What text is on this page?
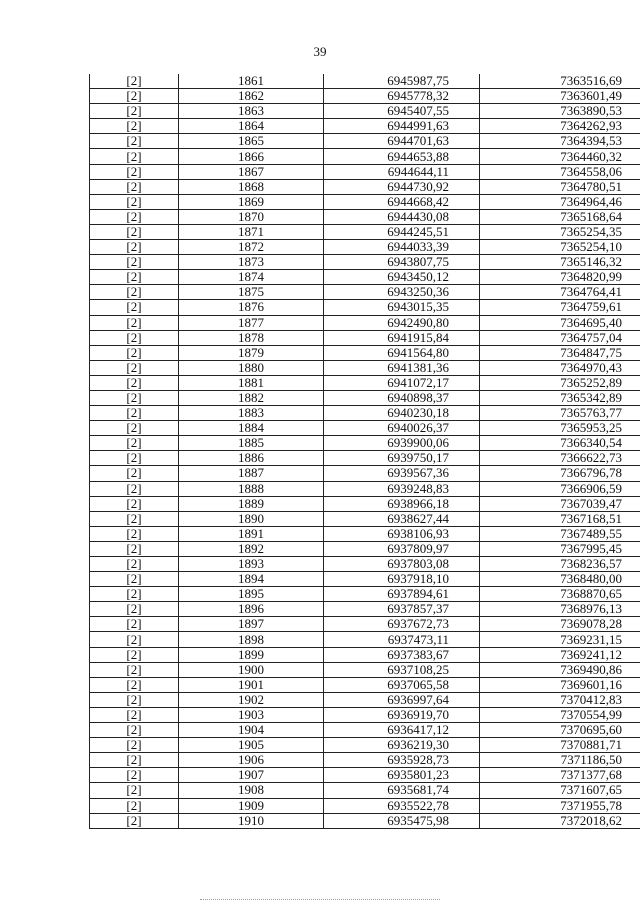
39
[2]	1861	6945987,75	7363516,69
[2]	1862	6945778,32	7363601,49
[2]	1863	6945407,55	7363890,53
[2]	1864	6944991,63	7364262,93
[2]	1865	6944701,63	7364394,53
[2]	1866	6944653,88	7364460,32
[2]	1867	6944644,11	7364558,06
[2]	1868	6944730,92	7364780,51
[2]	1869	6944668,42	7364964,46
[2]	1870	6944430,08	7365168,64
[2]	1871	6944245,51	7365254,35
[2]	1872	6944033,39	7365254,10
[2]	1873	6943807,75	7365146,32
[2]	1874	6943450,12	7364820,99
[2]	1875	6943250,36	7364764,41
[2]	1876	6943015,35	7364759,61
[2]	1877	6942490,80	7364695,40
[2]	1878	6941915,84	7364757,04
[2]	1879	6941564,80	7364847,75
[2]	1880	6941381,36	7364970,43
[2]	1881	6941072,17	7365252,89
[2]	1882	6940898,37	7365342,89
[2]	1883	6940230,18	7365763,77
[2]	1884	6940026,37	7365953,25
[2]	1885	6939900,06	7366340,54
[2]	1886	6939750,17	7366622,73
[2]	1887	6939567,36	7366796,78
[2]	1888	6939248,83	7366906,59
[2]	1889	6938966,18	7367039,47
[2]	1890	6938627,44	7367168,51
[2]	1891	6938106,93	7367489,55
[2]	1892	6937809,97	7367995,45
[2]	1893	6937803,08	7368236,57
[2]	1894	6937918,10	7368480,00
[2]	1895	6937894,61	7368870,65
[2]	1896	6937857,37	7368976,13
[2]	1897	6937672,73	7369078,28
[2]	1898	6937473,11	7369231,15
[2]	1899	6937383,67	7369241,12
[2]	1900	6937108,25	7369490,86
[2]	1901	6937065,58	7369601,16
[2]	1902	6936997,64	7370412,83
[2]	1903	6936919,70	7370554,99
[2]	1904	6936417,12	7370695,60
[2]	1905	6936219,30	7370881,71
[2]	1906	6935928,73	7371186,50
[2]	1907	6935801,23	7371377,68
[2]	1908	6935681,74	7371607,65
[2]	1909	6935522,78	7371955,78
[2]	1910	6935475,98	7372018,62
